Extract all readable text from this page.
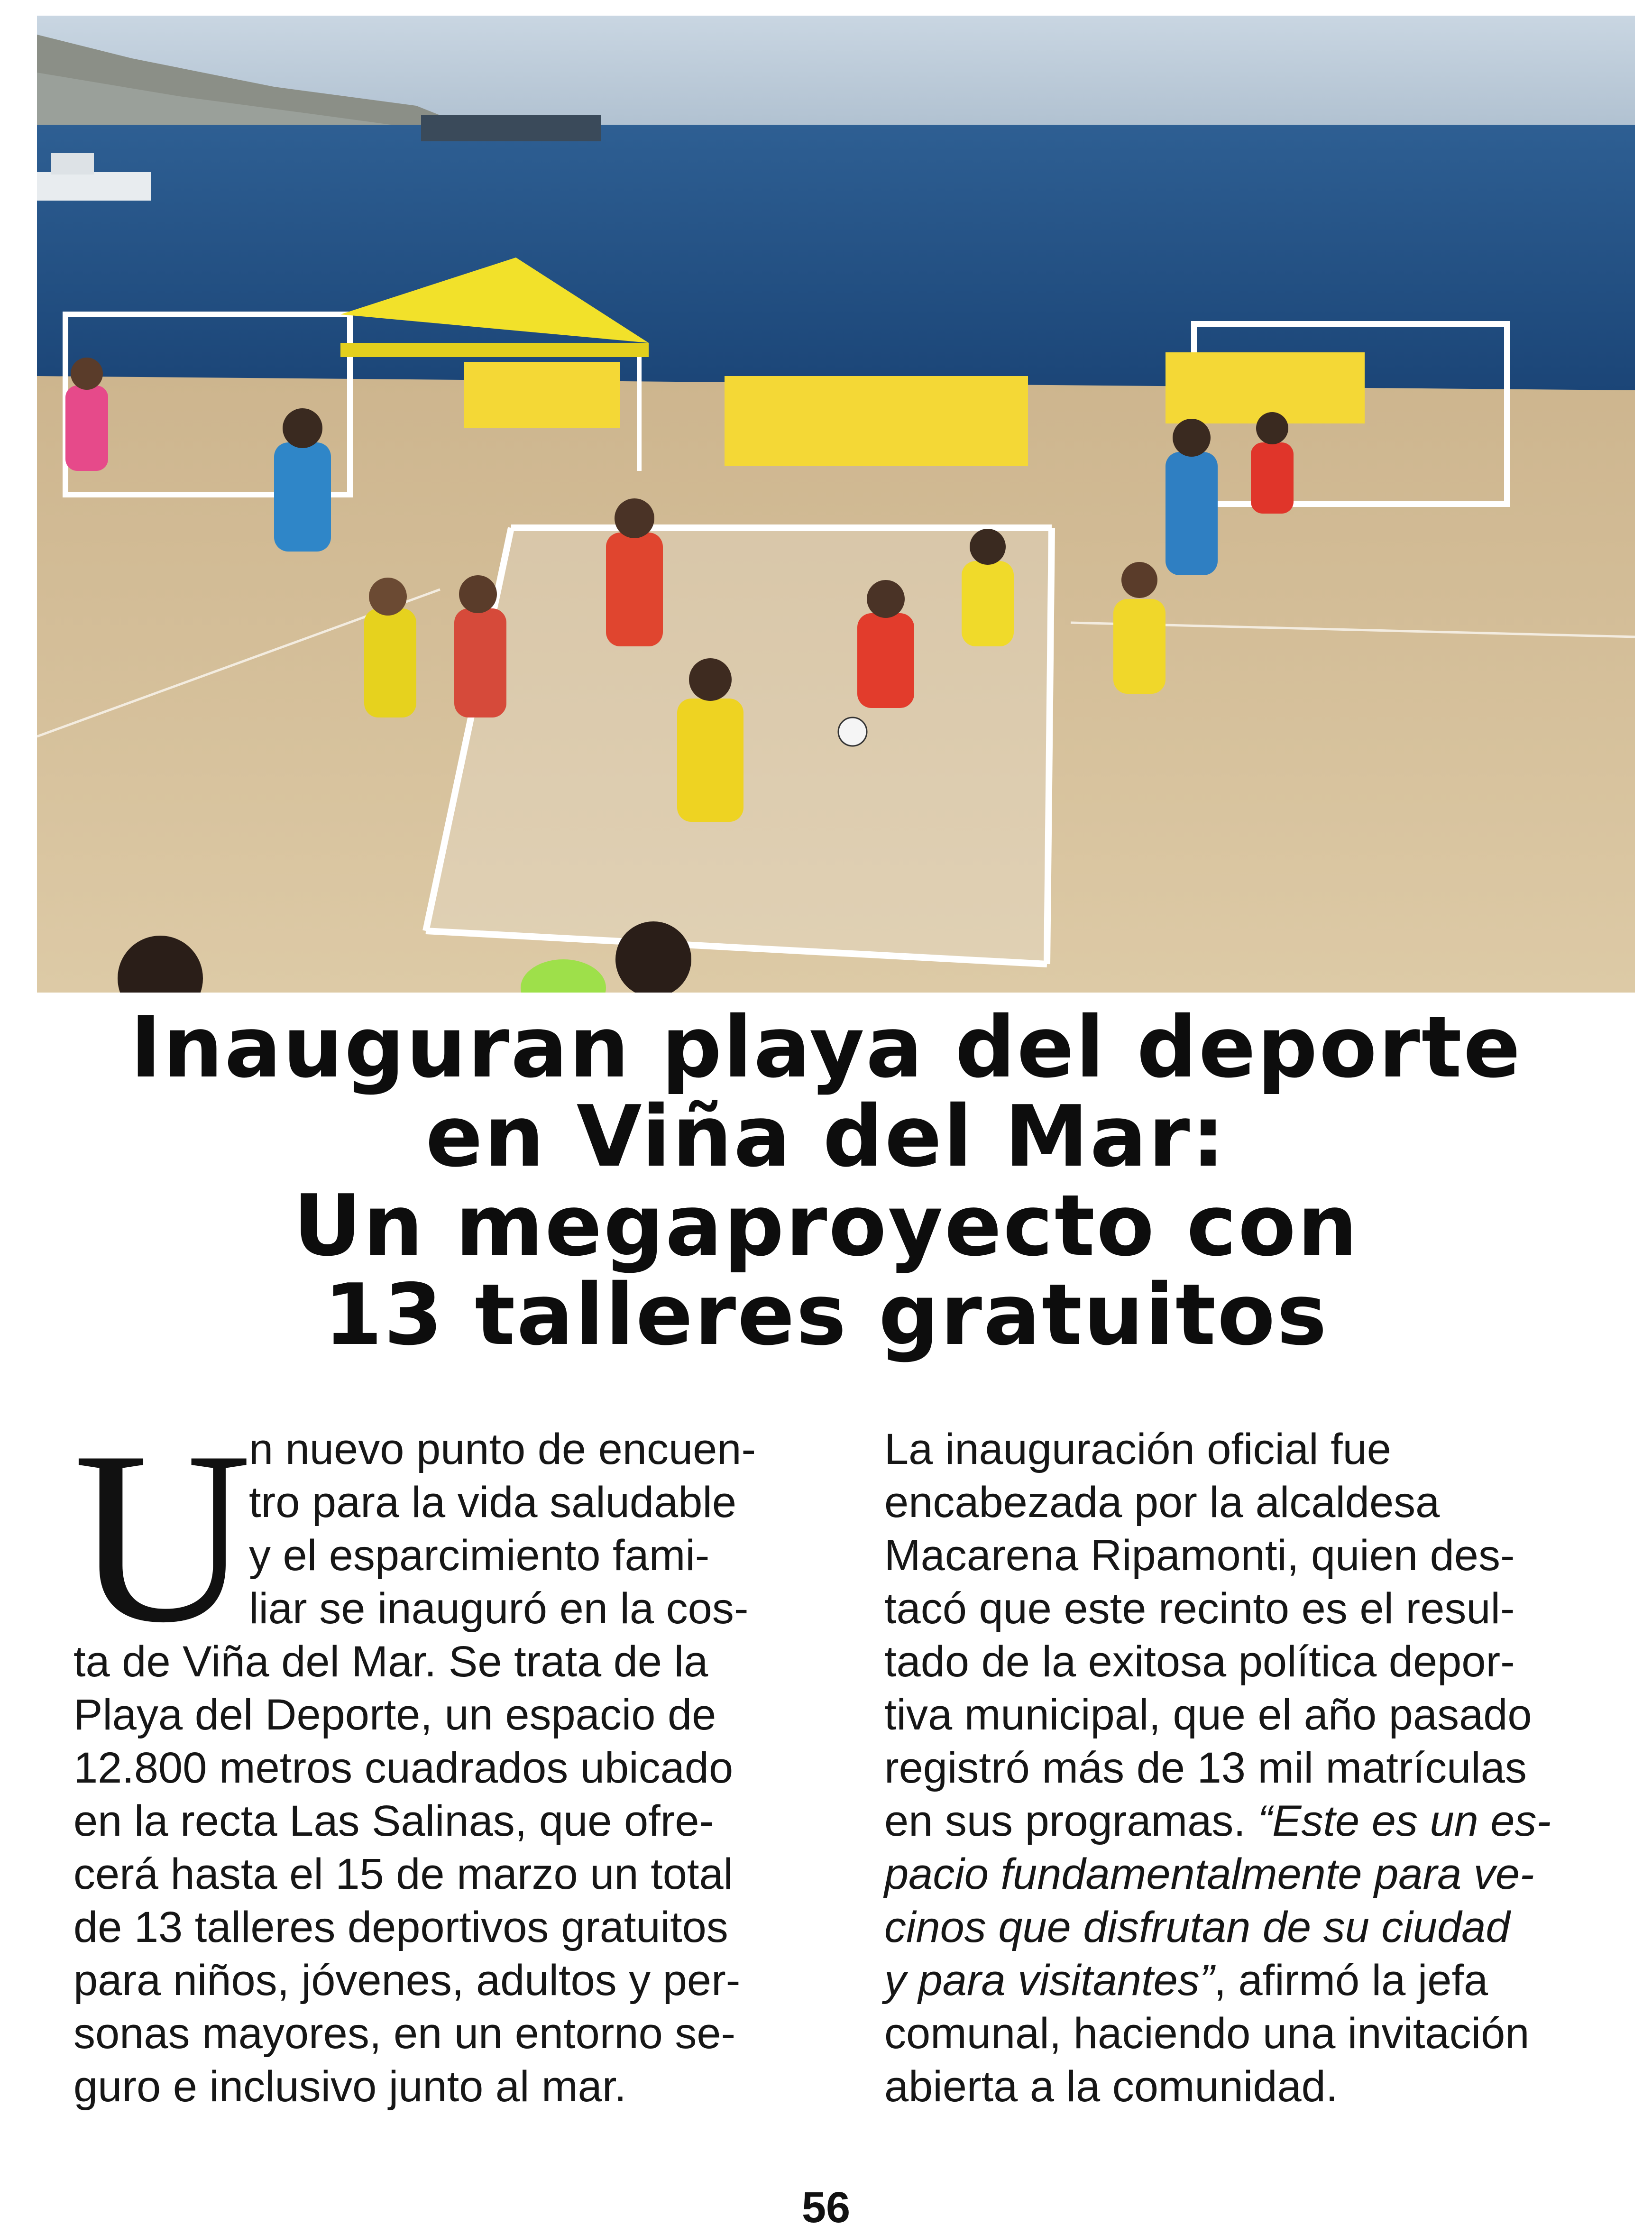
Inauguran playa del deporte
en Viña del Mar:
Un megaproyecto con
13 talleres gratuitos
U
n nuevo punto de encuen-
tro para la vida saludable
y el esparcimiento fami-
liar se inauguró en la cos-
ta de Viña del Mar. Se trata de la
Playa del Deporte, un espacio de
12.800 metros cuadrados ubicado
en la recta Las Salinas, que ofre-
cerá hasta el 15 de marzo un total
de 13 talleres deportivos gratuitos
para niños, jóvenes, adultos y per-
sonas mayores, en un entorno se-
guro e inclusivo junto al mar.
La inauguración oficial fue
encabezada por la alcaldesa
Macarena Ripamonti, quien des-
tacó que este recinto es el resul-
tado de la exitosa política depor-
tiva municipal, que el año pasado
registró más de 13 mil matrículas
en sus programas. “Este es un es-
pacio fundamentalmente para ve-
cinos que disfrutan de su ciudad
y para visitantes”, afirmó la jefa
comunal, haciendo una invitación
abierta a la comunidad.
56
